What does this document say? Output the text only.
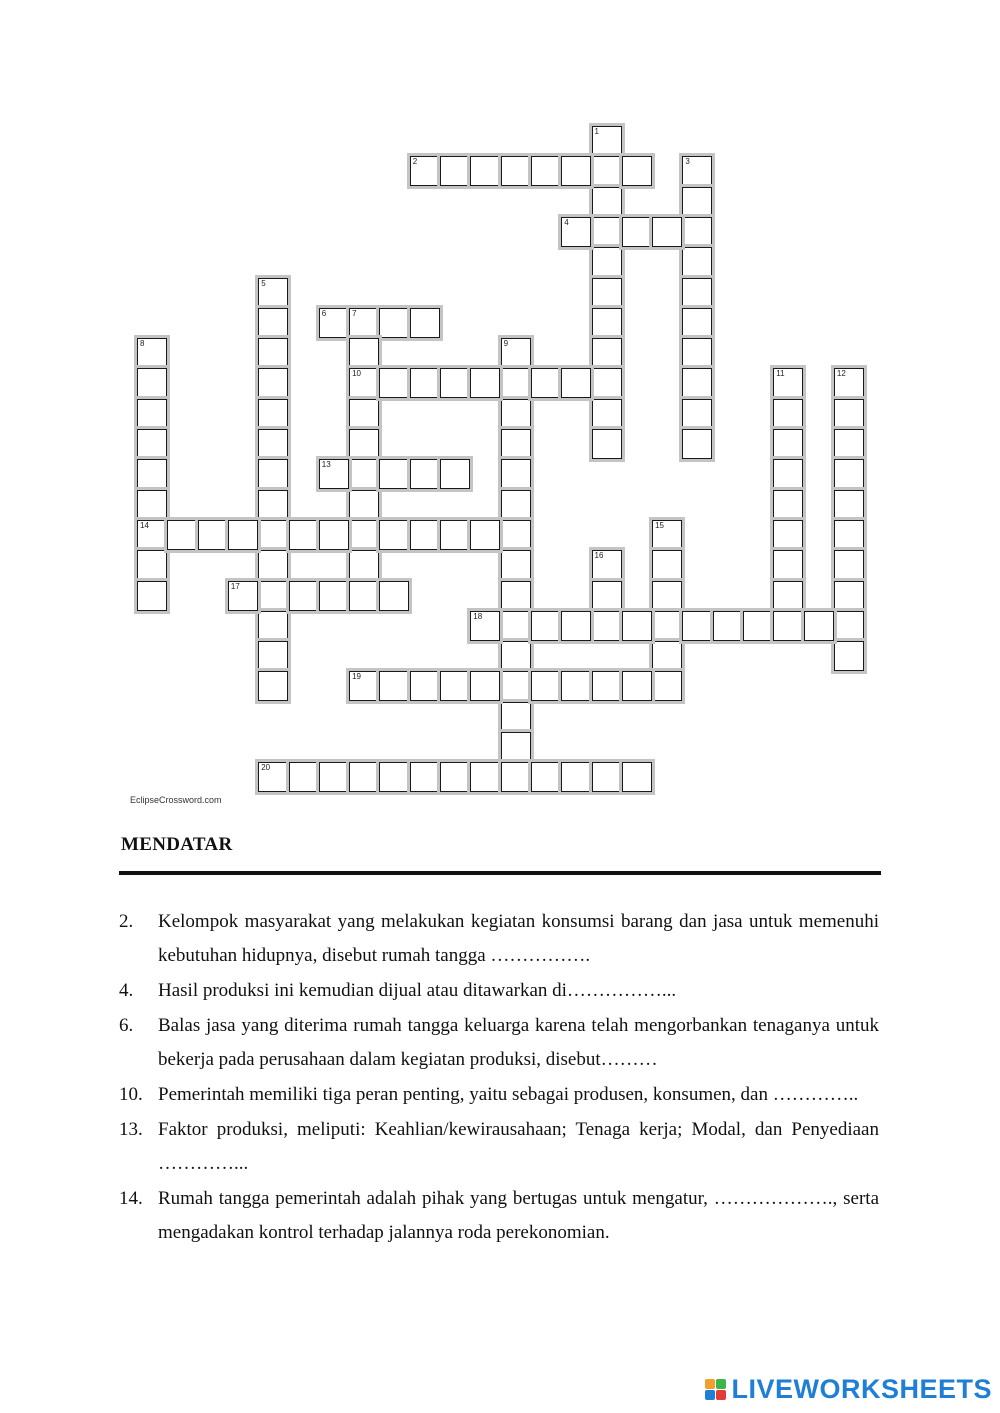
1
2	3
4
5
6	7
10
8
14
9
11	12
13
15
16
17
18
19
20
EclipseCrossword.com
MENDATAR
2.	Kelompok masyarakat yang melakukan kegiatan konsumsi barang dan jasa untuk memenuhi kebutuhan hidupnya, disebut rumah tangga …………….
4.	Hasil produksi ini kemudian dijual atau ditawarkan di……………...
6.	Balas jasa yang diterima rumah tangga keluarga karena telah mengorbankan tenaganya untuk bekerja pada perusahaan dalam kegiatan produksi, disebut………
10. Pemerintah memiliki tiga peran penting, yaitu sebagai produsen, konsumen, dan …………..
13. Faktor produksi, meliputi: Keahlian/kewirausahaan; Tenaga kerja; Modal, dan Penyediaan …………...
14. Rumah tangga pemerintah adalah pihak yang bertugas untuk mengatur, ………………., serta mengadakan kontrol terhadap jalannya roda perekonomian.
LIVEWORKSHEETS
